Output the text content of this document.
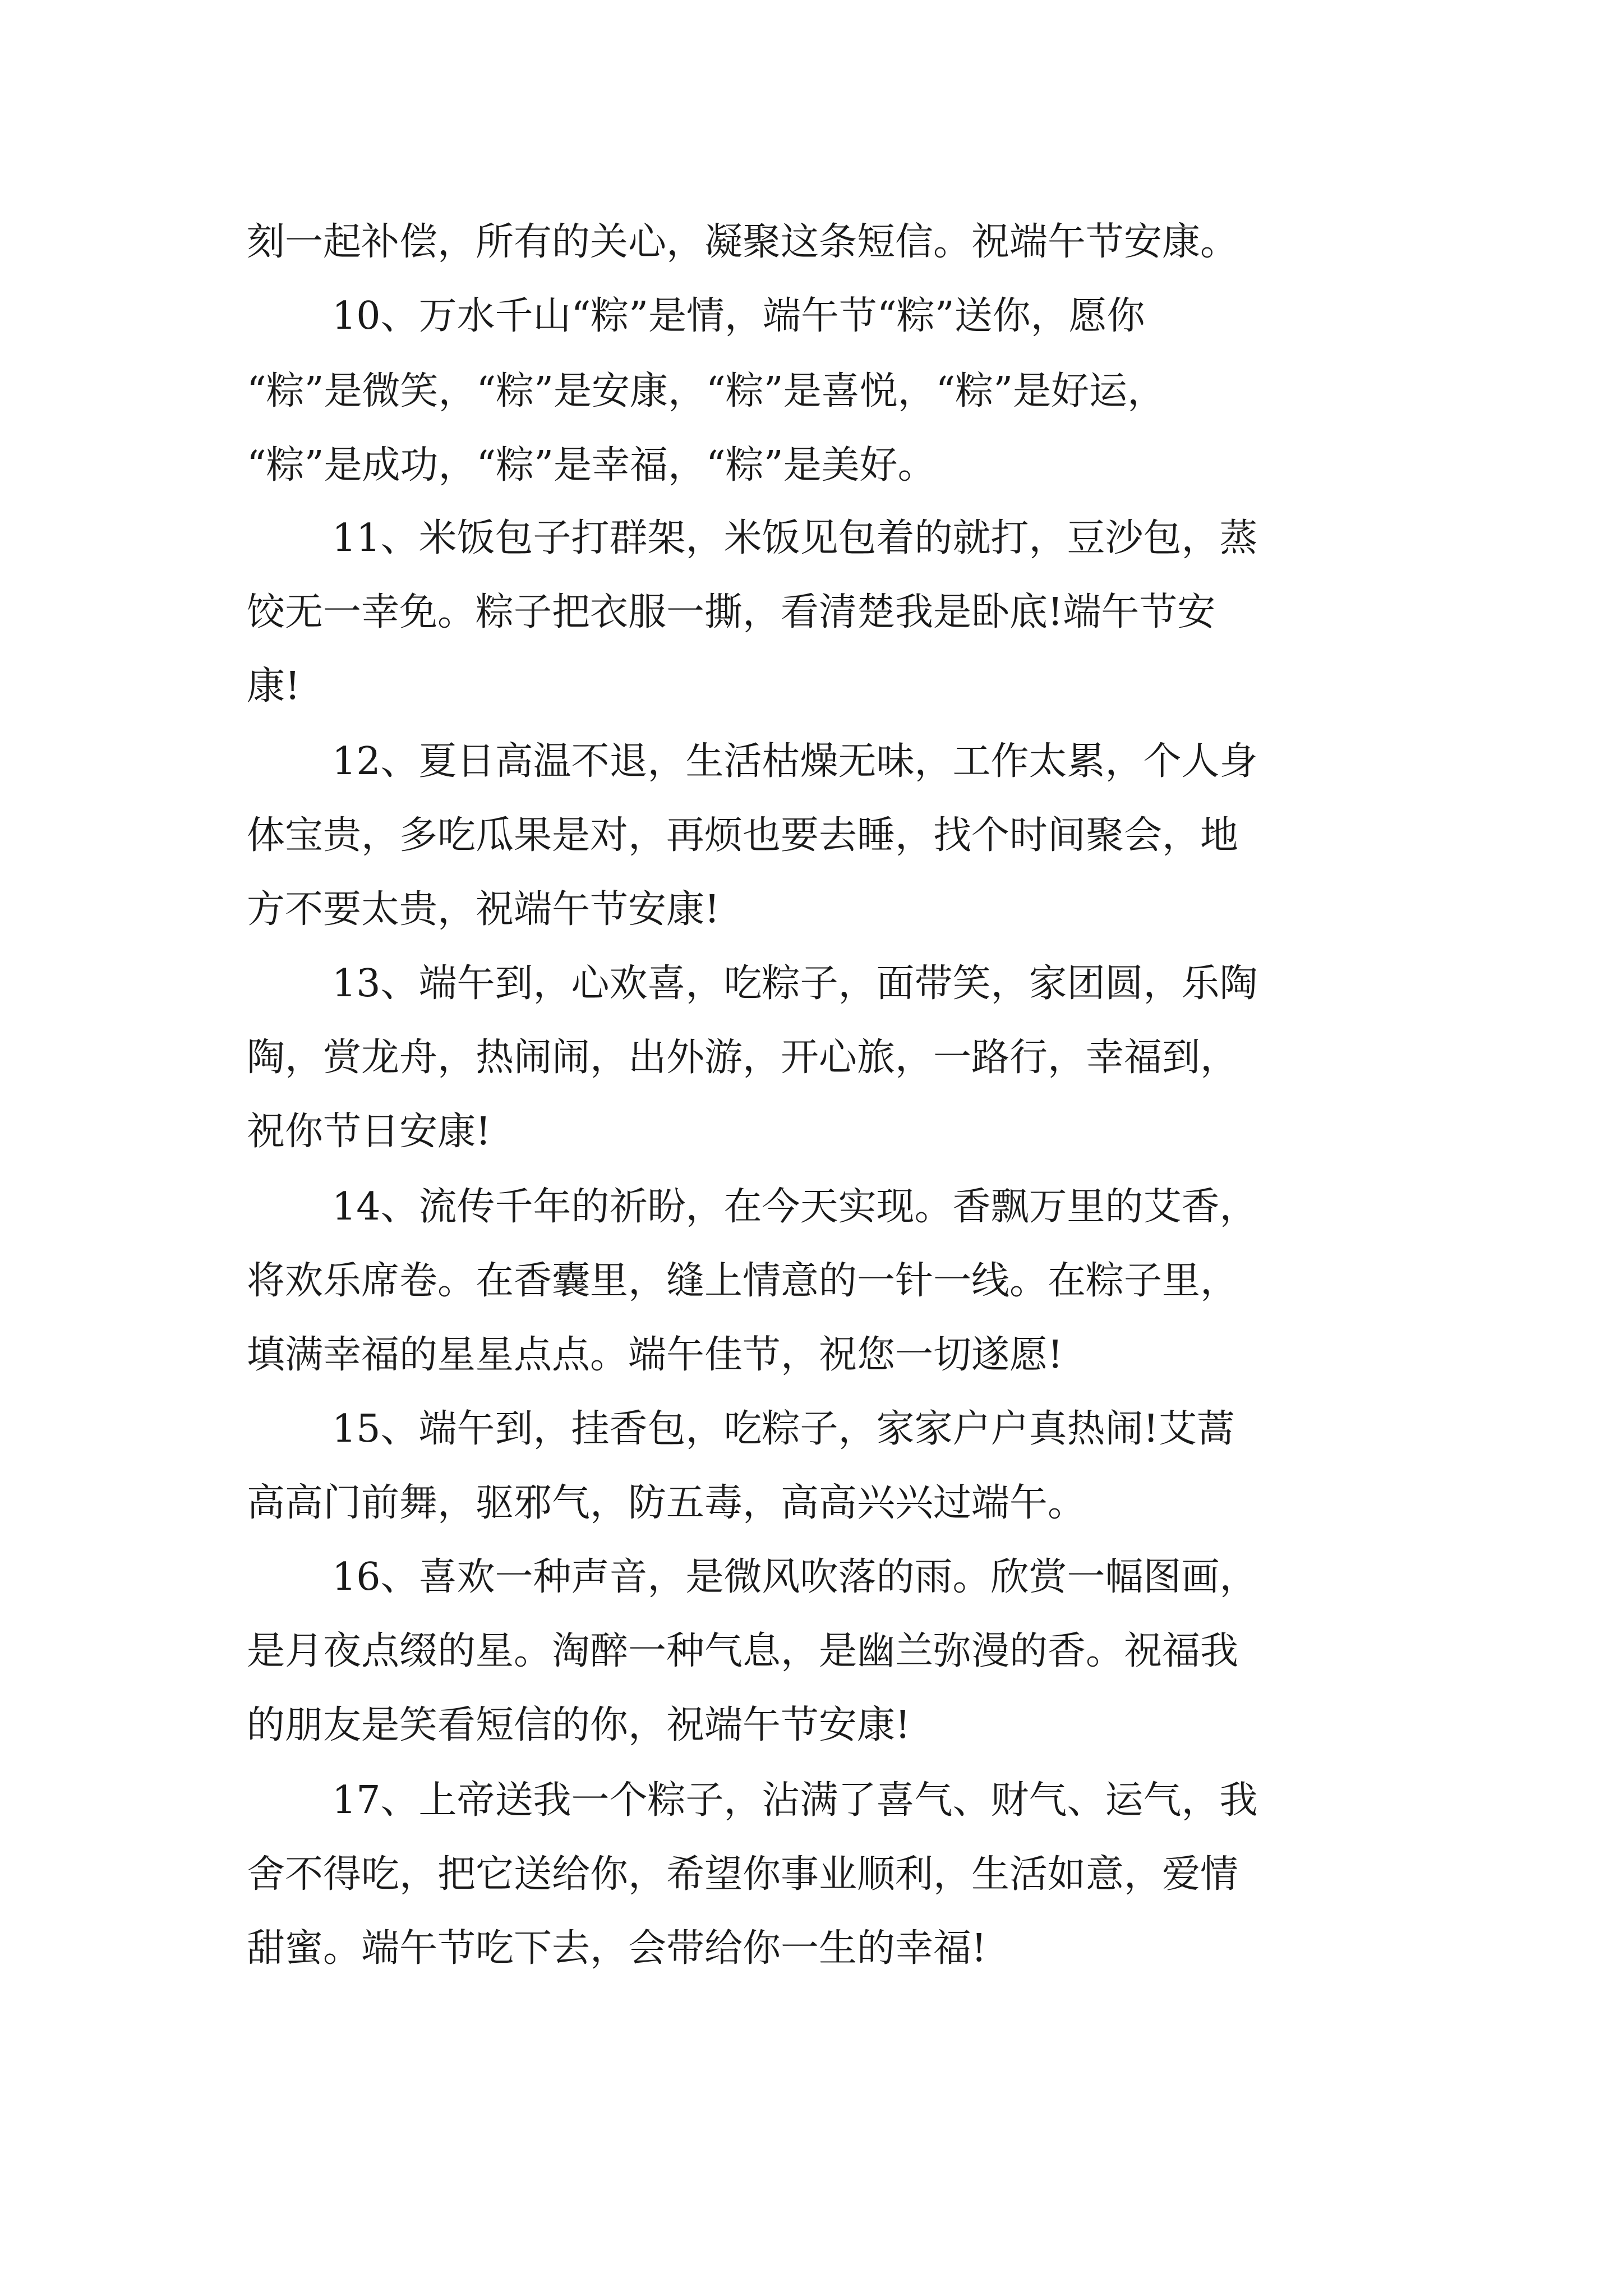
刻一起补偿，所有的关心，凝聚这条短信。祝端午节安康。
10、万水千山“粽”是情，端午节“粽”送你，愿你
“粽”是微笑，“粽”是安康，“粽”是喜悦，“粽”是好运，
“粽”是成功，“粽”是幸福，“粽”是美好。
11、米饭包子打群架，米饭见包着的就打，豆沙包，蒸
饺无一幸免。粽子把衣服一撕，看清楚我是卧底!端午节安
康!
12、夏日高温不退，生活枯燥无味，工作太累，个人身
体宝贵，多吃瓜果是对，再烦也要去睡，找个时间聚会，地
方不要太贵，祝端午节安康!
13、端午到，心欢喜，吃粽子，面带笑，家团圆，乐陶
陶，赏龙舟，热闹闹，出外游，开心旅，一路行，幸福到，
祝你节日安康!
14、流传千年的祈盼，在今天实现。香飘万里的艾香，
将欢乐席卷。在香囊里，缝上情意的一针一线。在粽子里，
填满幸福的星星点点。端午佳节，祝您一切遂愿!
15、端午到，挂香包，吃粽子，家家户户真热闹!艾蒿
高高门前舞，驱邪气，防五毒，高高兴兴过端午。
16、喜欢一种声音，是微风吹落的雨。欣赏一幅图画，
是月夜点缀的星。淘醉一种气息，是幽兰弥漫的香。祝福我
的朋友是笑看短信的你，祝端午节安康!
17、上帝送我一个粽子，沾满了喜气、财气、运气，我
舍不得吃，把它送给你，希望你事业顺利，生活如意，爱情
甜蜜。端午节吃下去，会带给你一生的幸福!
